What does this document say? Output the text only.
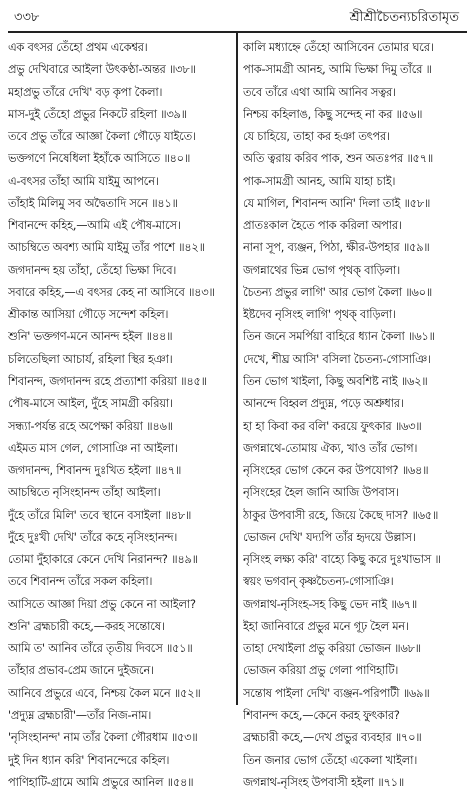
৩৩৮	শ্রীশ্রীচৈতন্যচরিতামৃত
এক বৎসর তেঁহো প্রথম একেশ্বর।
প্রভু দেখিবারে আইলা উৎকণ্ঠা-অন্তর ॥৩৮॥
মহাপ্রভু তাঁরে দেখি' বড় কৃপা কৈলা।
মাস-দুই তেঁহো প্রভুর নিকটে রহিলা ॥৩৯॥
তবে প্রভু তাঁরে আজ্ঞা কৈলা গৌড়ে যাইতে।
ভক্তগণে নিষেধিলা ইহাঁকে আসিতে ॥৪০॥
এ-বৎসর তাঁহা আমি যাইমু আপনে।
তাঁহাই মিলিমু সব অদ্বৈতাদি সনে ॥৪১॥
শিবানন্দে কহিহ,—আমি এই পৌষ-মাসে।
আচম্বিতে অবশ্য আমি যাইমু তাঁর পাশে ॥৪২॥
জগদানন্দ হয় তাঁহা, তেঁহো ভিক্ষা দিবে।
সবারে কহিহ,—এ বৎসর কেহ না আসিবে ॥৪৩॥
শ্রীকান্ত আসিয়া গৌড়ে সন্দেশ কহিল।
শুনি' ভক্তগণ-মনে আনন্দ হইল ॥৪৪॥
চলিতেছিলা আচার্য, রহিলা স্থির হঞা।
শিবানন্দ, জগদানন্দ রহে প্রত্যাশা করিয়া ॥৪৫॥
পৌষ-মাসে আইল, দুঁহে সামগ্রী করিয়া।
সন্ধ্যা-পর্যন্ত রহে অপেক্ষা করিয়া ॥৪৬॥
এইমত মাস গেল, গোসাঞি না আইলা।
জগদানন্দ, শিবানন্দ দুঃখিত হইলা ॥৪৭॥
আচম্বিতে নৃসিংহানন্দ তাঁহা আইলা।
দুঁহে তাঁরে মিলি' তবে স্থানে বসাইলা ॥৪৮॥
দুঁহে দুঃখী দেখি' তাঁরে কহে নৃসিংহানন্দ।
তোমা দুঁহাকারে কেনে দেখি নিরানন্দ? ॥৪৯॥
তবে শিবানন্দ তাঁরে সকল কহিলা।
আসিতে আজ্ঞা দিয়া প্রভু কেনে না আইলা?
শুনি' ব্রহ্মচারী কহে,—করহ সন্তোষে।
আমি ত' আনিব তাঁরে তৃতীয় দিবসে ॥৫১॥
তাঁহার প্রভাব-প্রেম জানে দুইজনে।
আনিবে প্রভুরে এবে, নিশ্চয় কৈল মনে ॥৫২॥
'প্রদ্যুম্ন ব্রহ্মচারী'—তাঁর নিজ-নাম।
'নৃসিংহানন্দ' নাম তাঁর কৈলা গৌরধাম ॥৫৩॥
দুই দিন ধ্যান করি' শিবানন্দেরে কহিল।
পাণিহাটি-গ্রামে আমি প্রভুরে আনিল ॥৫৪॥
কালি মধ্যাহ্নে তেঁহো আসিবেন তোমার ঘরে।
পাক-সামগ্রী আনহ, আমি ভিক্ষা দিমু তাঁরে ॥
তবে তাঁরে এথা আমি আনিব সত্বর।
নিশ্চয় কহিলাঙ, কিছু সন্দেহ না কর ॥৫৬॥
যে চাহিয়ে, তাহা কর হঞা তৎপর।
অতি ত্বরায় করিব পাক, শুন অতঃপর ॥৫৭॥
পাক-সামগ্রী আনহ, আমি যাহা চাই।
যে মাগিল, শিবানন্দ আনি' দিলা তাই ॥৫৮॥
প্রাতঃকাল হৈতে পাক করিলা অপার।
নানা সূপ, ব্যঞ্জন, পিঠা, ক্ষীর-উপহার ॥৫৯॥
জগন্নাথের ভিন্ন ভোগ পৃথক্ বাড়িলা।
চৈতন্য প্রভুর লাগি' আর ভোগ কৈলা ॥৬০॥
ইষ্টদেব নৃসিংহ লাগি' পৃথক্ বাড়িলা।
তিন জনে সমর্পিয়া বাহিরে ধ্যান কৈলা ॥৬১॥
দেখে, শীঘ্র আসি' বসিলা চৈতন্য-গোসাঞি।
তিন ভোগ খাইলা, কিছু অবশিষ্ট নাই ॥৬২॥
আনন্দে বিহ্বল প্রদ্যুম্ন, পড়ে অশ্রুধার।
হা হা কিবা কর বলি' করয়ে ফুৎকার ॥৬৩॥
জগন্নাথে-তোমায় ঐক্য, খাও তাঁর ভোগ।
নৃসিংহের ভোগ কেনে কর উপযোগ? ॥৬৪॥
নৃসিংহের হৈল জানি আজি উপবাস।
ঠাকুর উপবাসী রহে, জিয়ে কৈছে দাস? ॥৬৫॥
ভোজন দেখি' যদ্যপি তাঁর হৃদয়ে উল্লাস।
নৃসিংহ লক্ষ্য করি' বাহ্যে কিছু করে দুঃখাভাস ॥
স্বয়ং ভগবান্ কৃষ্ণচৈতন্য-গোসাঞি।
জগন্নাথ-নৃসিংহ-সহ কিছু ভেদ নাই ॥৬৭॥
ইহা জানিবারে প্রভুর মনে গূঢ় হৈল মন।
তাহা দেখাইলা প্রভু করিয়া ভোজন ॥৬৮॥
ভোজন করিয়া প্রভু গেলা পাণিহাটি।
সন্তোষ পাইলা দেখি' ব্যঞ্জন-পরিপাটী ॥৬৯॥
শিবানন্দ কহে,—কেনে করহ ফুৎকার?
ব্রহ্মচারী কহে,—দেখ প্রভুর ব্যবহার ॥৭০॥
তিন জনার ভোগ তেঁহো একেলা খাইলা।
জগন্নাথ-নৃসিংহ উপবাসী হইলা ॥৭১॥
